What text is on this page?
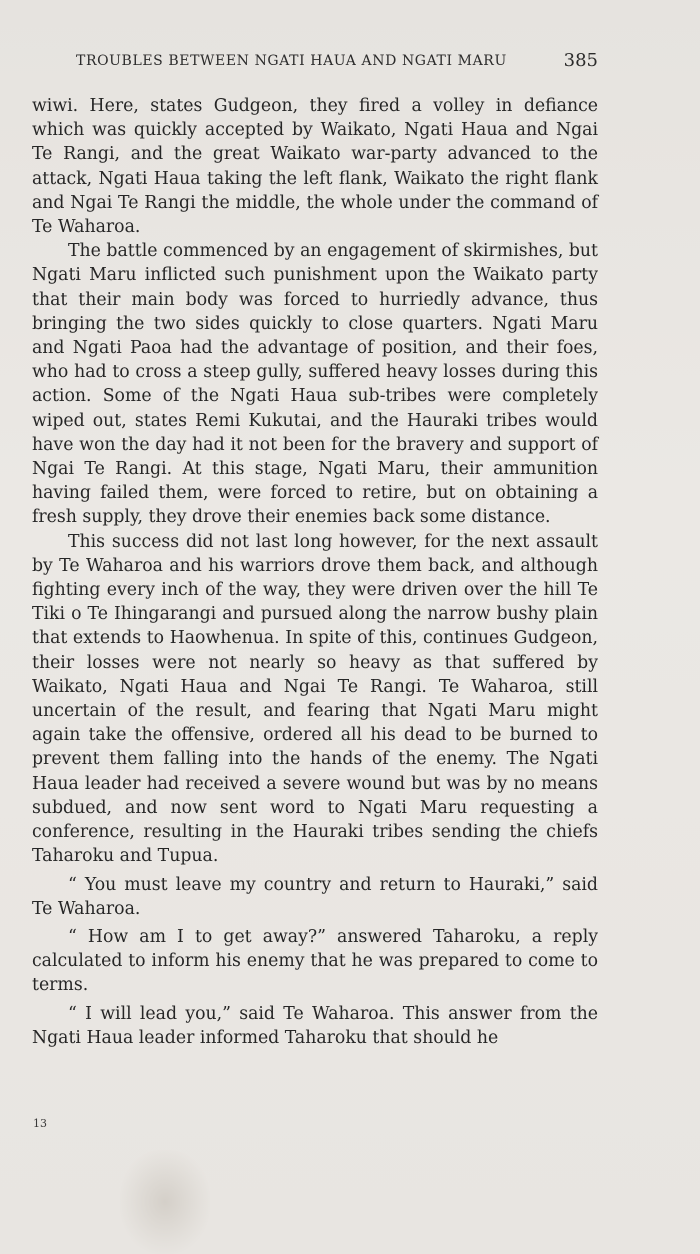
TROUBLES BETWEEN NGATI HAUA AND NGATI MARU	385

wiwi. Here, states Gudgeon, they fired a volley in defiance which was quickly accepted by Waikato, Ngati Haua and Ngai Te Rangi, and the great Waikato war-party advanced to the attack, Ngati Haua taking the left flank, Waikato the right flank and Ngai Te Rangi the middle, the whole under the command of Te Waharoa.

The battle commenced by an engagement of skirmishes, but Ngati Maru inflicted such punishment upon the Waikato party that their main body was forced to hurriedly advance, thus bringing the two sides quickly to close quarters. Ngati Maru and Ngati Paoa had the advantage of position, and their foes, who had to cross a steep gully, suffered heavy losses during this action. Some of the Ngati Haua sub-tribes were completely wiped out, states Remi Kukutai, and the Hauraki tribes would have won the day had it not been for the bravery and support of Ngai Te Rangi. At this stage, Ngati Maru, their ammunition having failed them, were forced to retire, but on obtaining a fresh supply, they drove their enemies back some distance.

This success did not last long however, for the next assault by Te Waharoa and his warriors drove them back, and although fighting every inch of the way, they were driven over the hill Te Tiki o Te Ihingarangi and pursued along the narrow bushy plain that extends to Haowhenua. In spite of this, continues Gudgeon, their losses were not nearly so heavy as that suffered by Waikato, Ngati Haua and Ngai Te Rangi. Te Waharoa, still uncertain of the result, and fearing that Ngati Maru might again take the offensive, ordered all his dead to be burned to prevent them falling into the hands of the enemy. The Ngati Haua leader had received a severe wound but was by no means subdued, and now sent word to Ngati Maru requesting a conference, resulting in the Hauraki tribes sending the chiefs Taharoku and Tupua.

“ You must leave my country and return to Hauraki,” said Te Waharoa.

“ How am I to get away?” answered Taharoku, a reply calculated to inform his enemy that he was prepared to come to terms.

“ I will lead you,” said Te Waharoa. This answer from the Ngati Haua leader informed Taharoku that should he

13
